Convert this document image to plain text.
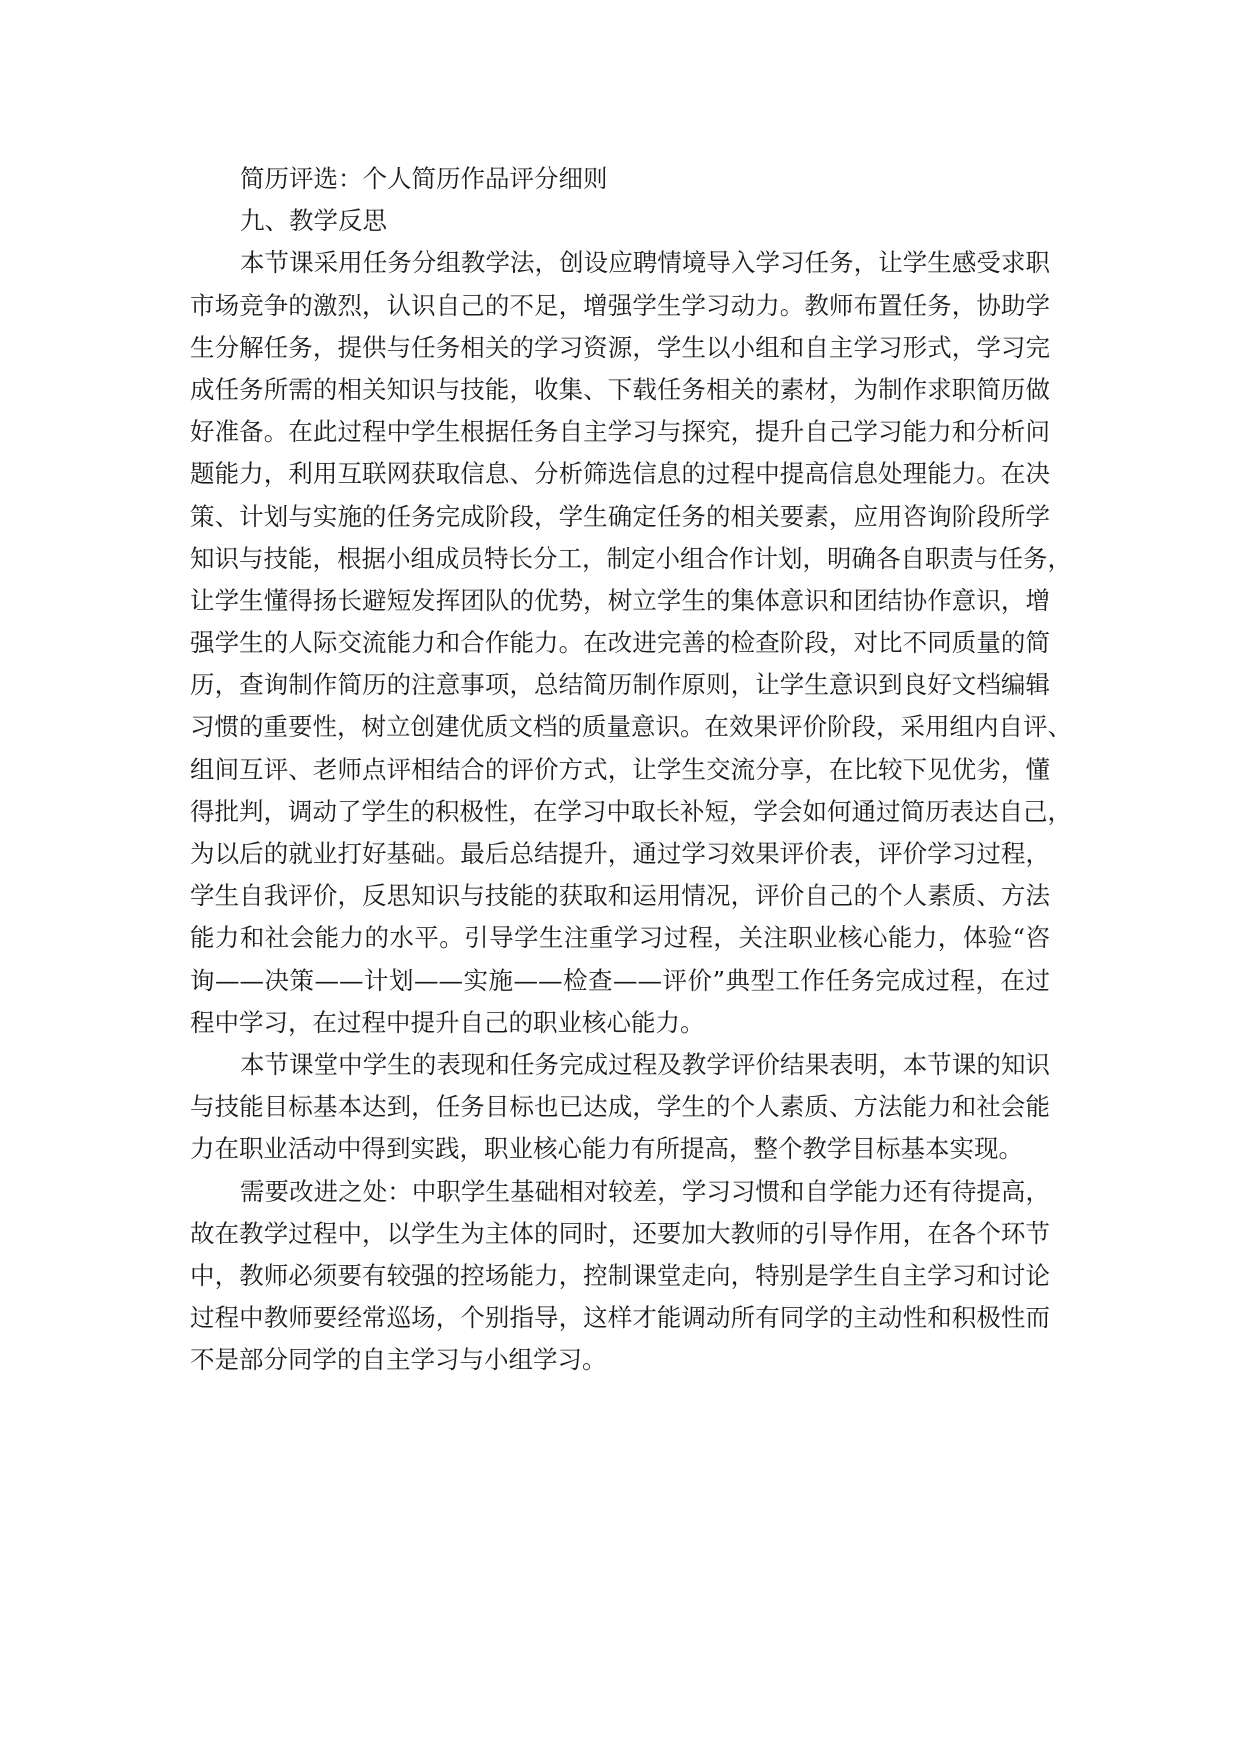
简历评选：个人简历作品评分细则
九、教学反思
本节课采用任务分组教学法，创设应聘情境导入学习任务，让学生感受求职
市场竞争的激烈，认识自己的不足，增强学生学习动力。教师布置任务，协助学
生分解任务，提供与任务相关的学习资源，学生以小组和自主学习形式，学习完
成任务所需的相关知识与技能，收集、下载任务相关的素材，为制作求职简历做
好准备。在此过程中学生根据任务自主学习与探究，提升自己学习能力和分析问
题能力，利用互联网获取信息、分析筛选信息的过程中提高信息处理能力。在决
策、计划与实施的任务完成阶段，学生确定任务的相关要素，应用咨询阶段所学
知识与技能，根据小组成员特长分工，制定小组合作计划，明确各自职责与任务，
让学生懂得扬长避短发挥团队的优势，树立学生的集体意识和团结协作意识，增
强学生的人际交流能力和合作能力。在改进完善的检查阶段，对比不同质量的简
历，查询制作简历的注意事项，总结简历制作原则，让学生意识到良好文档编辑
习惯的重要性，树立创建优质文档的质量意识。在效果评价阶段，采用组内自评、
组间互评、老师点评相结合的评价方式，让学生交流分享，在比较下见优劣，懂
得批判，调动了学生的积极性，在学习中取长补短，学会如何通过简历表达自己，
为以后的就业打好基础。最后总结提升，通过学习效果评价表，评价学习过程，
学生自我评价，反思知识与技能的获取和运用情况，评价自己的个人素质、方法
能力和社会能力的水平。引导学生注重学习过程，关注职业核心能力，体验“咨
询——决策——计划——实施——检查——评价”典型工作任务完成过程，在过
程中学习，在过程中提升自己的职业核心能力。
本节课堂中学生的表现和任务完成过程及教学评价结果表明，本节课的知识
与技能目标基本达到，任务目标也已达成，学生的个人素质、方法能力和社会能
力在职业活动中得到实践，职业核心能力有所提高，整个教学目标基本实现。
需要改进之处：中职学生基础相对较差，学习习惯和自学能力还有待提高，
故在教学过程中，以学生为主体的同时，还要加大教师的引导作用，在各个环节
中，教师必须要有较强的控场能力，控制课堂走向，特别是学生自主学习和讨论
过程中教师要经常巡场，个别指导，这样才能调动所有同学的主动性和积极性而
不是部分同学的自主学习与小组学习。
